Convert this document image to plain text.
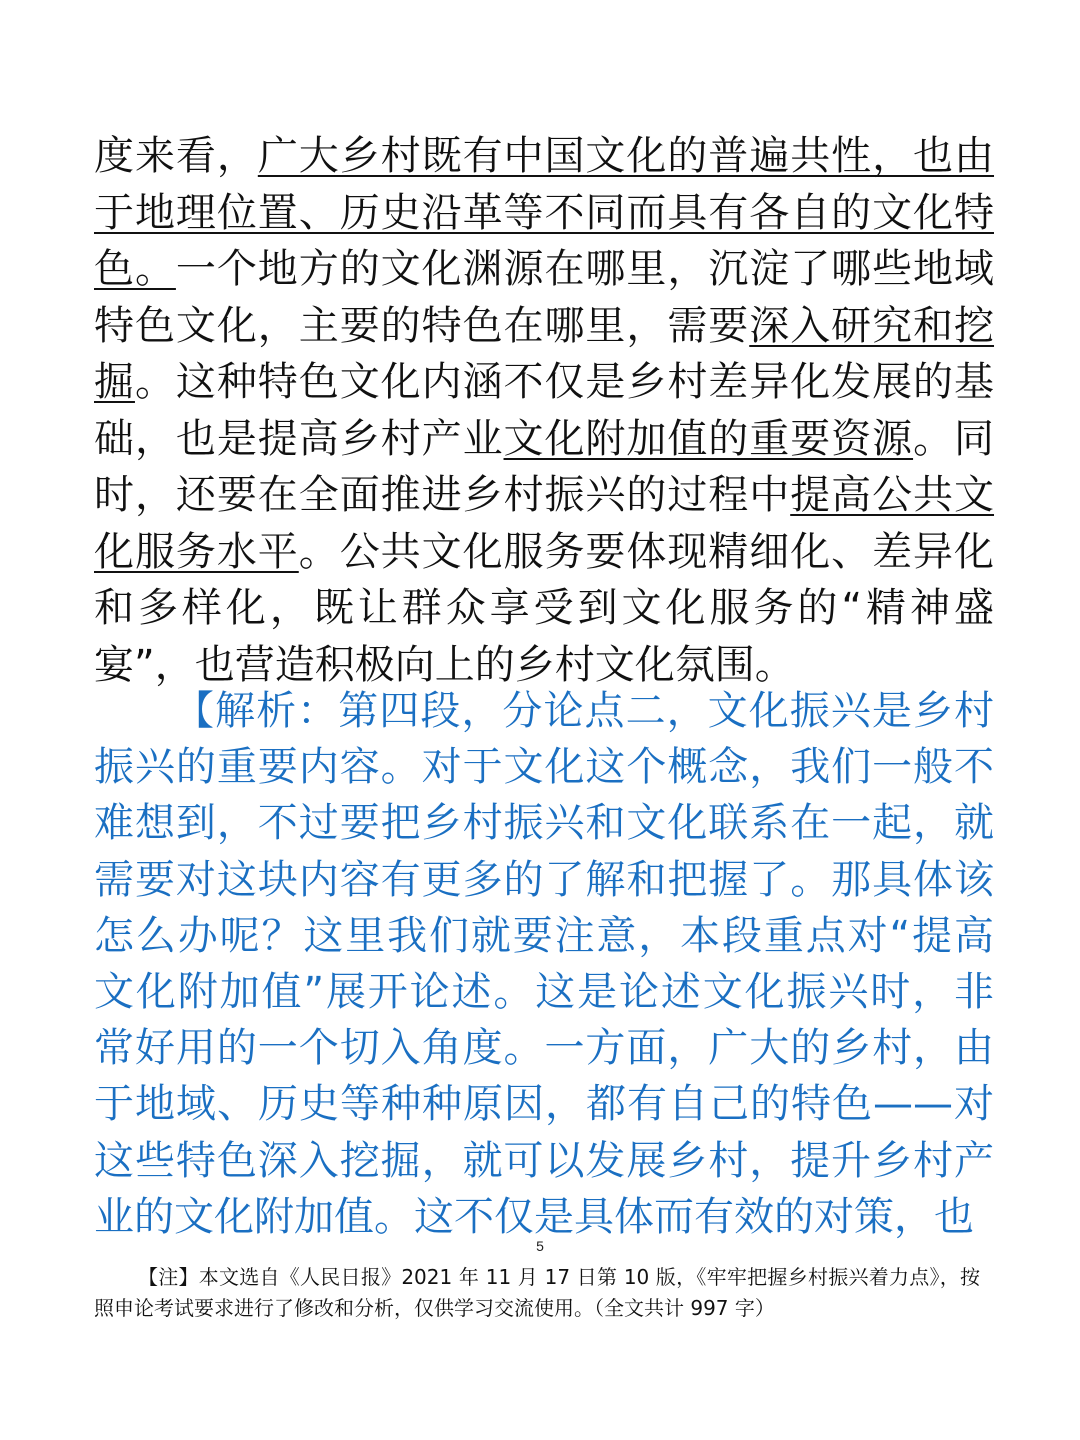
度来看，广大乡村既有中国文化的普遍共性，也由于地理位置、历史沿革等不同而具有各自的文化特色。一个地方的文化渊源在哪里，沉淀了哪些地域特色文化，主要的特色在哪里，需要深入研究和挖掘。这种特色文化内涵不仅是乡村差异化发展的基础，也是提高乡村产业文化附加值的重要资源。同时，还要在全面推进乡村振兴的过程中提高公共文化服务水平。公共文化服务要体现精细化、差异化和多样化，既让群众享受到文化服务的“精神盛宴”，也营造积极向上的乡村文化氛围。
【解析：第四段，分论点二，文化振兴是乡村振兴的重要内容。对于文化这个概念，我们一般不难想到，不过要把乡村振兴和文化联系在一起，就需要对这块内容有更多的了解和把握了。那具体该怎么办呢？这里我们就要注意，本段重点对“提高文化附加值”展开论述。这是论述文化振兴时，非常好用的一个切入角度。一方面，广大的乡村，由于地域、历史等种种原因，都有自己的特色——对这些特色深入挖掘，就可以发展乡村，提升乡村产业的文化附加值。这不仅是具体而有效的对策，也
5
【注】本文选自《人民日报》2021 年 11 月 17 日第 10 版，《牢牢把握乡村振兴着力点》，按照申论考试要求进行了修改和分析，仅供学习交流使用。（全文共计 997 字）
